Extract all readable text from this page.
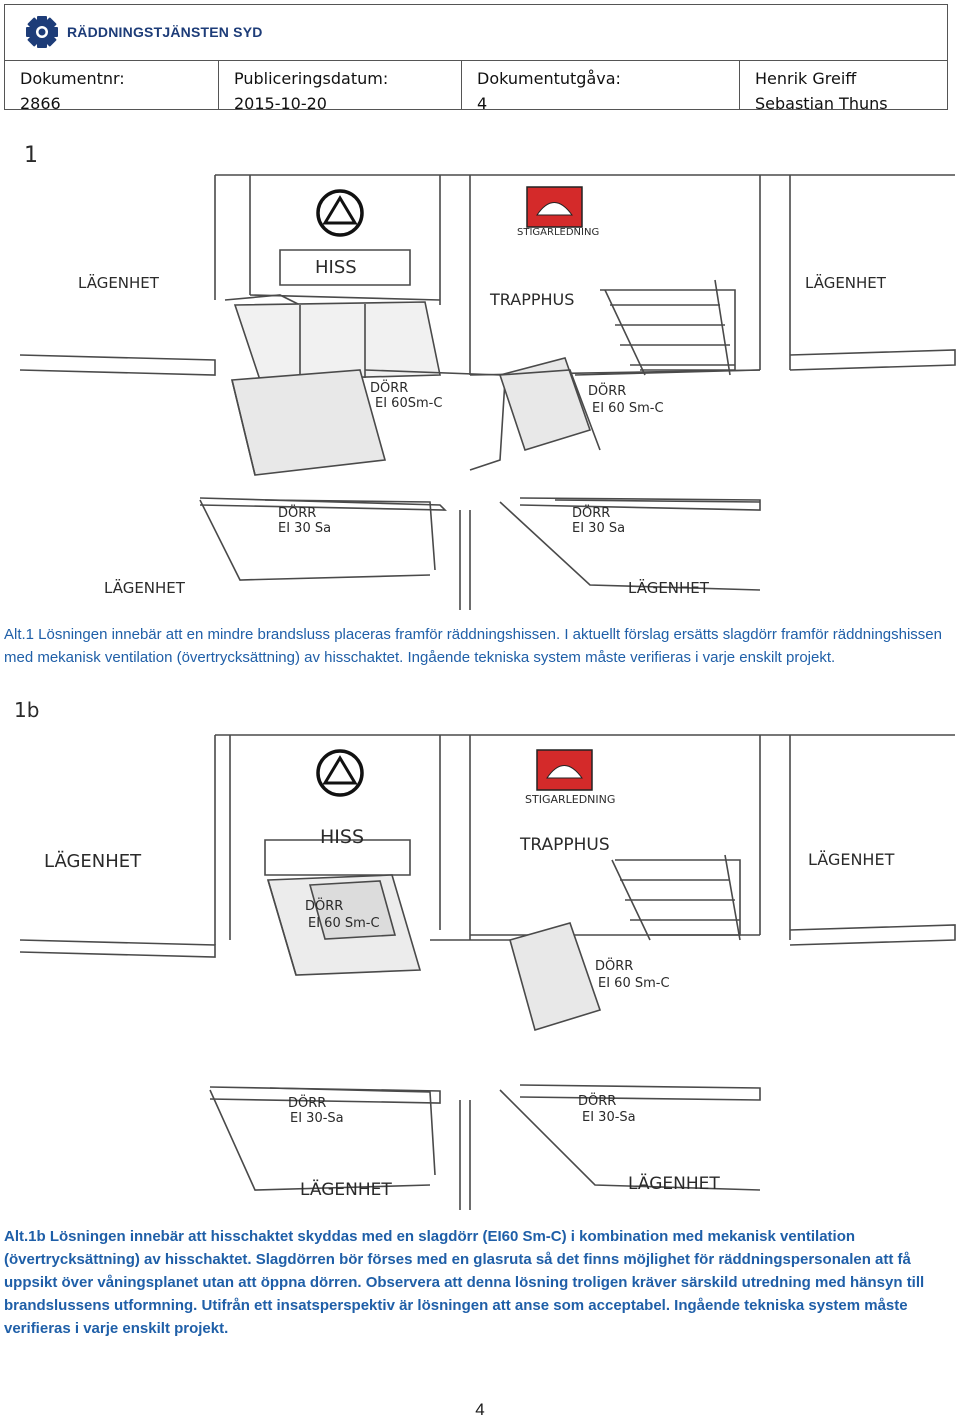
RÄDDNINGSTJÄNSTEN SYD
Dokumentnr:
2866
Publiceringsdatum:
2015-10-20
Dokumentutgåva:
4
Henrik Greiff
Sebastian Thuns
1
HISS
STIGARLEDNING
TRAPPHUS
LÄGENHET	LÄGENHET
DÖRR
EI 60Sm-C
DÖRR
EI 60 Sm-C
DÖRR
EI 30 Sa
DÖRR
EI 30 Sa
LÄGENHET	LÄGENHET
Alt.1 Lösningen innebär att en mindre brandsluss placeras framför räddningshissen. I aktuellt förslag ersätts slagdörr framför räddningshissen med mekanisk ventilation (övertrycksättning) av hisschaktet. Ingående tekniska system måste verifieras i varje enskilt projekt.
1b
HISS
STIGARLEDNING
TRAPPHUS
LÄGENHET	LÄGENHET
DÖRR
EI 60 Sm-C
DÖRR
EI 60 Sm-C
DÖRR
EI 30-Sa
DÖRR
EI 30-Sa
LÄGENHET	LÄGENHET
Alt.1b Lösningen innebär att hisschaktet skyddas med en slagdörr (EI60 Sm-C) i kombination med mekanisk ventilation (övertrycksättning) av hisschaktet. Slagdörren bör förses med en glasruta så det finns möjlighet för räddningspersonalen att få uppsikt över våningsplanet utan att öppna dörren. Observera att denna lösning troligen kräver särskild utredning med hänsyn till brandslussens utformning. Utifrån ett insatsperspektiv är lösningen att anse som acceptabel. Ingående tekniska system måste verifieras i varje enskilt projekt.
4
